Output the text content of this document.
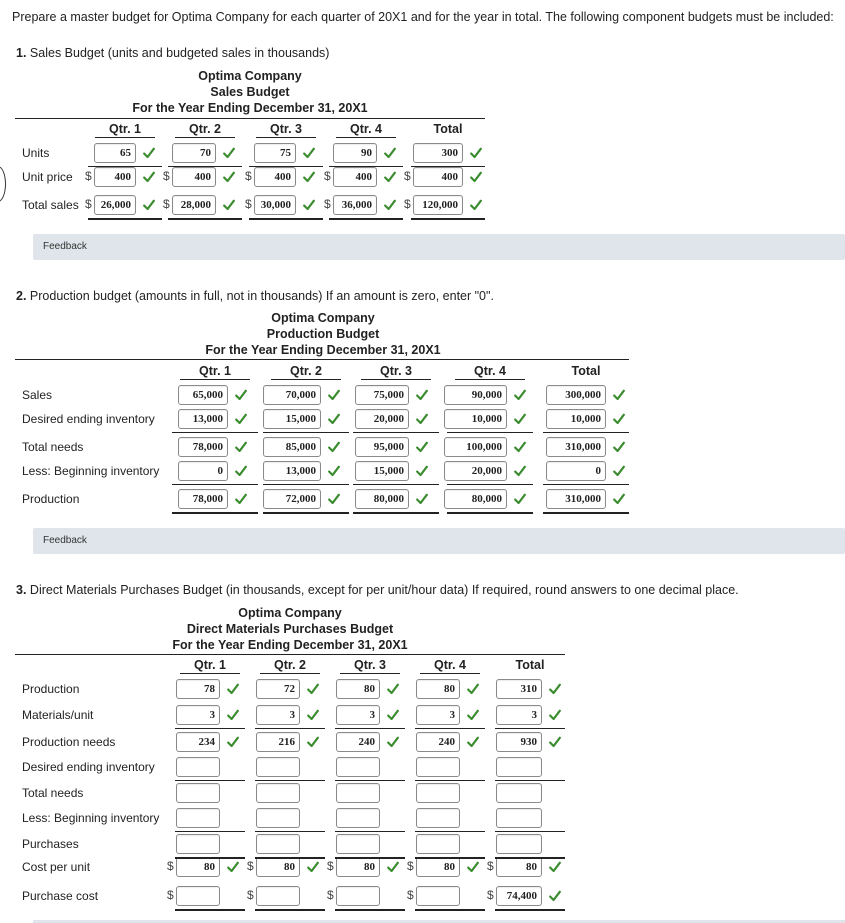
Prepare a master budget for Optima Company for each quarter of 20X1 and for the year in total. The following component budgets must be included:
1. Sales Budget (units and budgeted sales in thousands)
Optima Company
Sales Budget
For the Year Ending December 31, 20X1
Qtr. 1	Qtr. 2	Qtr. 3	Qtr. 4	Total
Units	65	70	75	90	300
Unit price $	400	$	400	$	400	$	400	$	400
Total sales $ 26,000	$	28,000	$ 30,000	$	36,000	$	120,000
Feedback
2. Production budget (amounts in full, not in thousands) If an amount is zero, enter "0".
Optima Company
Production Budget
For the Year Ending December 31, 20X1
Qtr. 1	Qtr. 2	Qtr. 3	Qtr. 4	Total
Sales	65,000	70,000	75,000	90,000	300,000
Desired ending inventory	13,000	15,000	20,000	10,000	10,000
Total needs	78,000	85,000	95,000	100,000	310,000
Less: Beginning inventory	0	13,000	15,000	20,000	0
Production	78,000	72,000	80,000	80,000	310,000
Feedback
3. Direct Materials Purchases Budget (in thousands, except for per unit/hour data) If required, round answers to one decimal place.
Optima Company
Direct Materials Purchases Budget
For the Year Ending December 31, 20X1
Qtr. 1	Qtr. 2	Qtr. 3	Qtr. 4	Total
Production	78	72	80	80	310
Materials/unit	3	3	3	3	3
Production needs	234	216	240	240	930
Desired ending inventory
Total needs
Less: Beginning inventory
Purchases
Cost per unit	$	80	$	80	$	80	$	80	$	80
Purchase cost	$	$	$	$	$	74,400
